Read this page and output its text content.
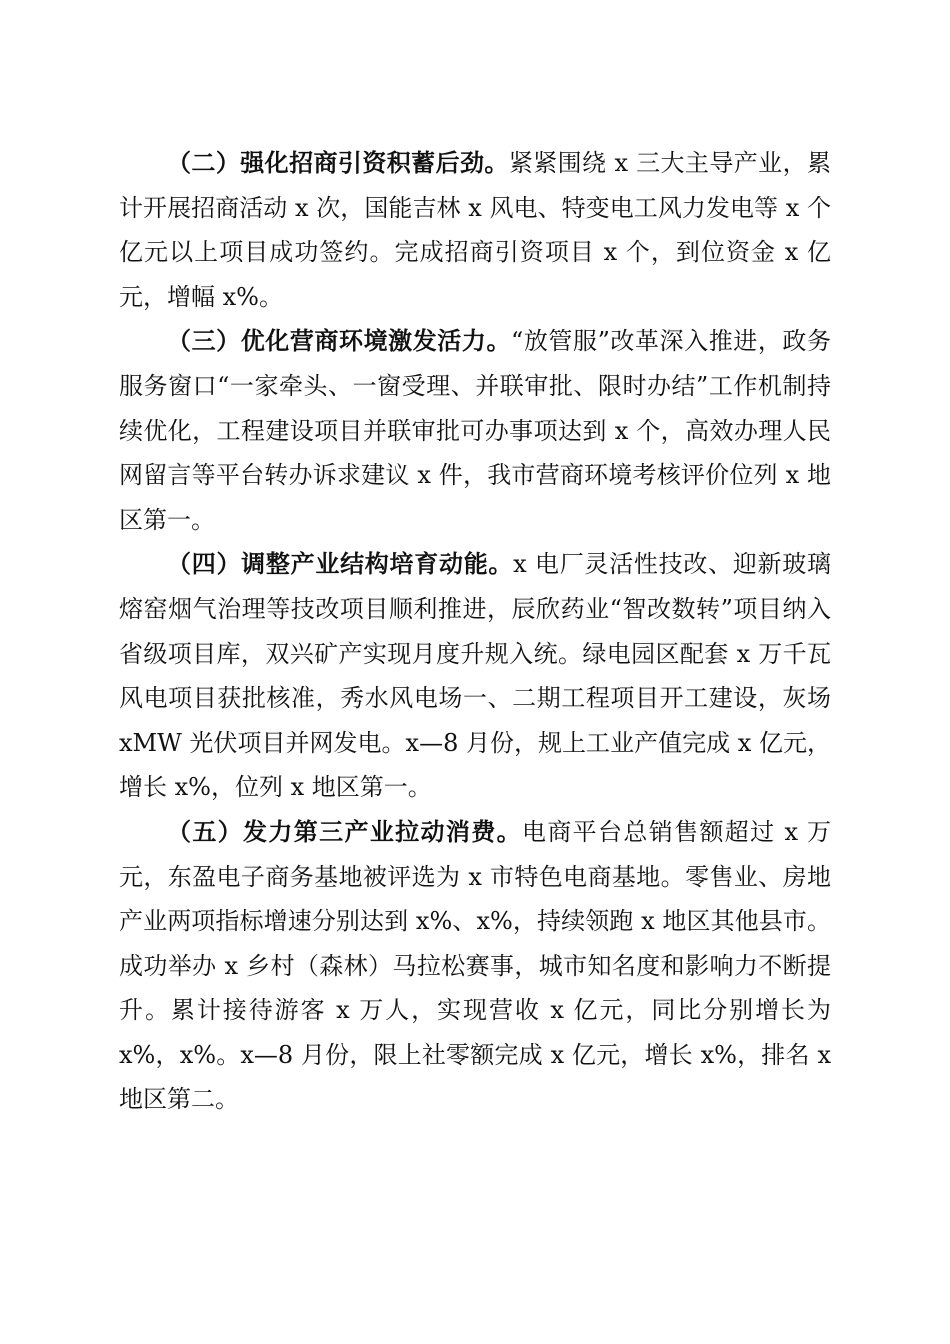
（二）强化招商引资积蓄后劲。紧紧围绕 x 三大主导产业，累计开展招商活动 x 次，国能吉林 x 风电、特变电工风力发电等 x 个亿元以上项目成功签约。完成招商引资项目 x 个，到位资金 x 亿元，增幅 x%。

（三）优化营商环境激发活力。“放管服”改革深入推进，政务服务窗口“一家牵头、一窗受理、并联审批、限时办结”工作机制持续优化，工程建设项目并联审批可办事项达到 x 个，高效办理人民网留言等平台转办诉求建议 x 件，我市营商环境考核评价位列 x 地区第一。

（四）调整产业结构培育动能。x 电厂灵活性技改、迎新玻璃熔窑烟气治理等技改项目顺利推进，辰欣药业“智改数转”项目纳入省级项目库，双兴矿产实现月度升规入统。绿电园区配套 x 万千瓦风电项目获批核准，秀水风电场一、二期工程项目开工建设，灰场 xMW 光伏项目并网发电。x—8 月份，规上工业产值完成 x 亿元，增长 x%，位列 x 地区第一。

（五）发力第三产业拉动消费。电商平台总销售额超过 x 万元，东盈电子商务基地被评选为 x 市特色电商基地。零售业、房地产业两项指标增速分别达到 x%、x%，持续领跑 x 地区其他县市。成功举办 x 乡村（森林）马拉松赛事，城市知名度和影响力不断提升。累计接待游客 x 万人，实现营收 x 亿元，同比分别增长为 x%，x%。x—8 月份，限上社零额完成 x 亿元，增长 x%，排名 x 地区第二。
